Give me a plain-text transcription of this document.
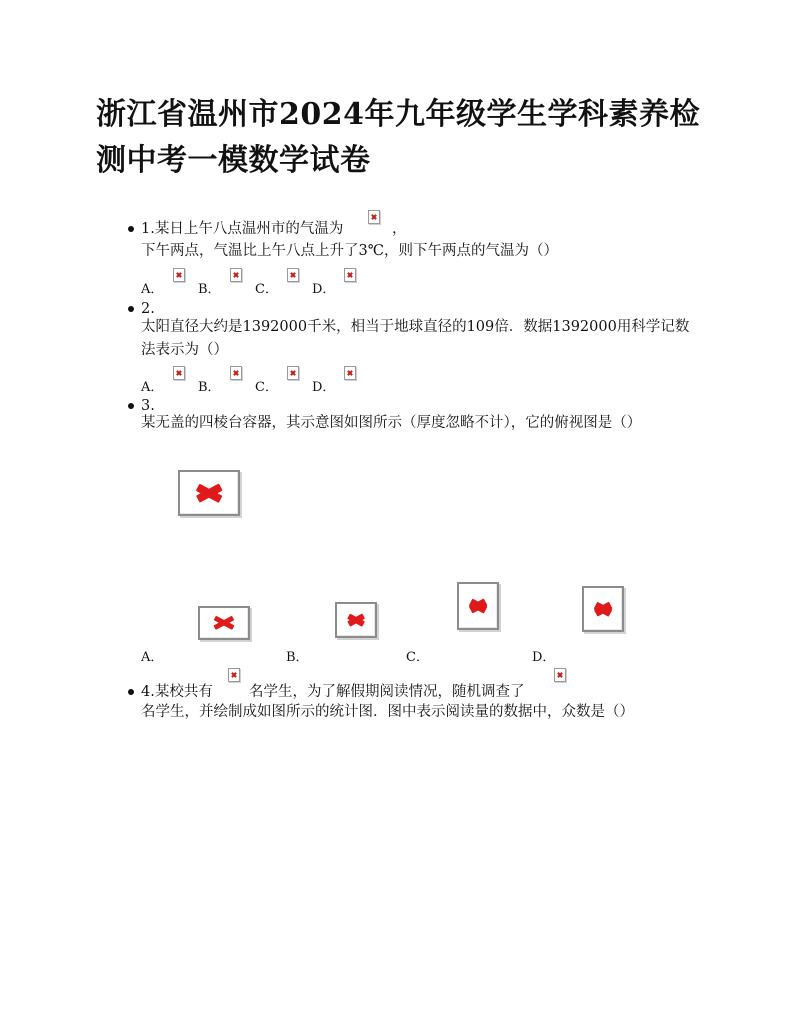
浙江省温州市2024年九年级学生学科素养检测中考一模数学试卷
1.某日上午八点温州市的气温为	，
下午两点，气温比上午八点上升了3℃，则下午两点的气温为（）
A．	B．	C．	D．
2.
太阳直径大约是1392000千米，相当于地球直径的109倍．数据1392000用科学记数
法表示为（）
A．	B．	C．	D．
3.
某无盖的四棱台容器，其示意图如图所示（厚度忽略不计），它的俯视图是（）
A．	B．	C．	D．
4.某校共有 名学生，为了解假期阅读情况，随机调查了
名学生，并绘制成如图所示的统计图．图中表示阅读量的数据中，众数是（）
